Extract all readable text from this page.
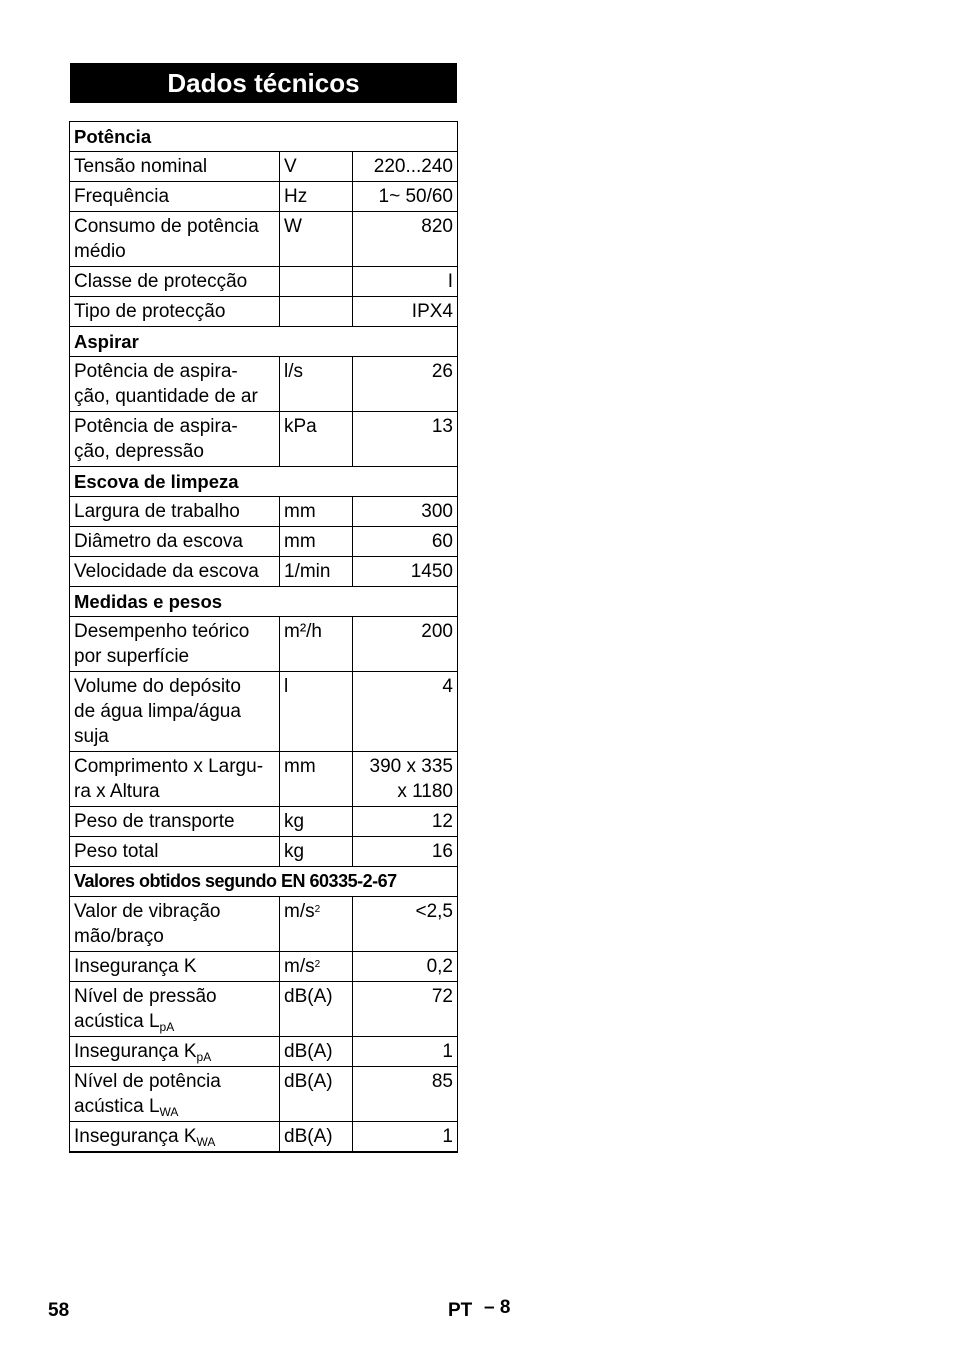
Dados técnicos
Potência		
Tensão nominal	V	220...240
Frequência	Hz	1~ 50/60
Consumo de potência
médio	W	820
Classe de protecção		I
Tipo de protecção		IPX4
Aspirar		
Potência de aspira-
ção, quantidade de ar	l/s	26
Potência de aspira-
ção, depressão	kPa	13
Escova de limpeza		
Largura de trabalho	mm	300
Diâmetro da escova	mm	60
Velocidade da escova	1/min	1450
Medidas e pesos		
Desempenho teórico
por superfície	m²/h	200
Volume do depósito
de água limpa/água
suja	l	4
Comprimento x Largu-
ra x Altura	mm	390 x 335
x 1180
Peso de transporte	kg	12
Peso total	kg	16
Valores obtidos segundo EN 60335-2-67		
Valor de vibração
mão/braço	$m/s^2$	<2,5
Insegurança K	$m/s^2$	0,2
Nível de pressão
acústica $L_{pA}$	dB(A)	72
Insegurança $K_{pA}$	dB(A)	1
Nível de potência
acústica $L_{WA}$	dB(A)	85
Insegurança $K_{WA}$	dB(A)	1
58	PT – 8
